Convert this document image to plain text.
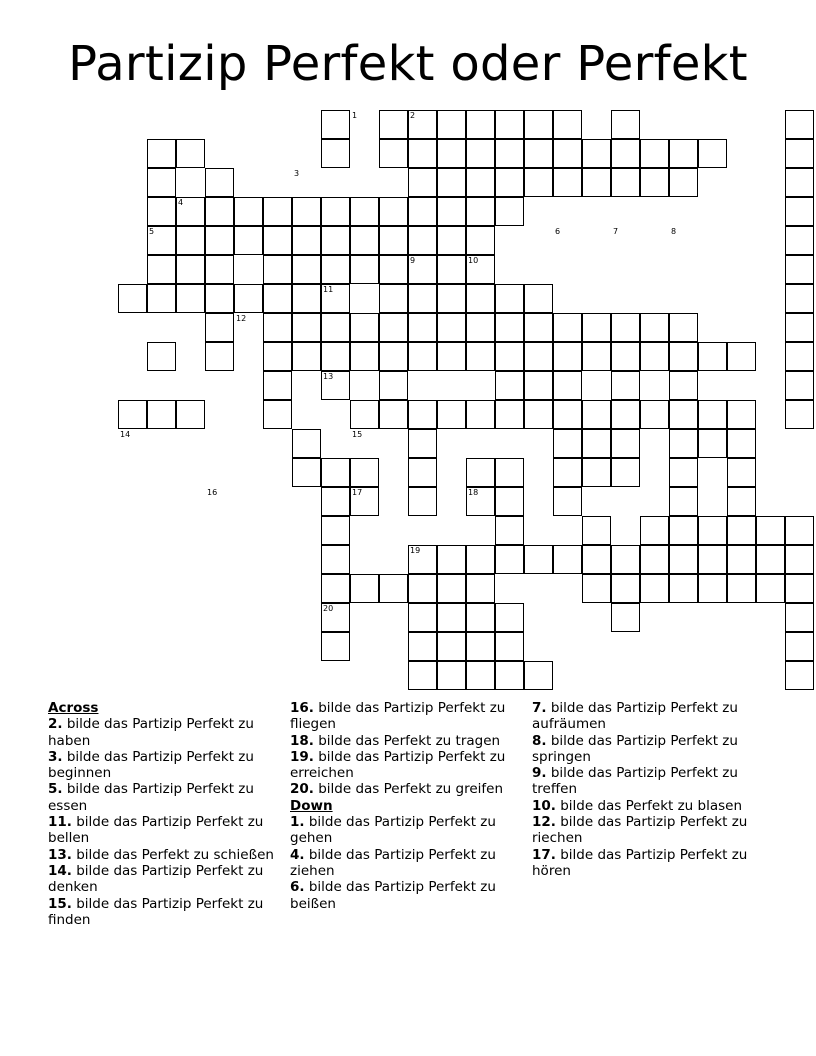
Partizip Perfekt oder Perfekt
1	2
3
4
5	6	7	8
9	10
11
12
13
14	15
16	17	18
19
20
Across
2. bilde das Partizip Perfekt zu haben
3. bilde das Partizip Perfekt zu beginnen
5. bilde das Partizip Perfekt zu essen
11. bilde das Partizip Perfekt zu bellen
13. bilde das Perfekt zu schießen
14. bilde das Partizip Perfekt zu denken
15. bilde das Partizip Perfekt zu finden
16. bilde das Partizip Perfekt zu fliegen
18. bilde das Perfekt zu tragen
19. bilde das Partizip Perfekt zu erreichen
20. bilde das Perfekt zu greifen
Down
1. bilde das Partizip Perfekt zu gehen
4. bilde das Partizip Perfekt zu ziehen
6. bilde das Partizip Perfekt zu beißen
7. bilde das Partizip Perfekt zu aufräumen
8. bilde das Partizip Perfekt zu springen
9. bilde das Partizip Perfekt zu treffen
10. bilde das Perfekt zu blasen
12. bilde das Partizip Perfekt zu riechen
17. bilde das Partizip Perfekt zu hören
